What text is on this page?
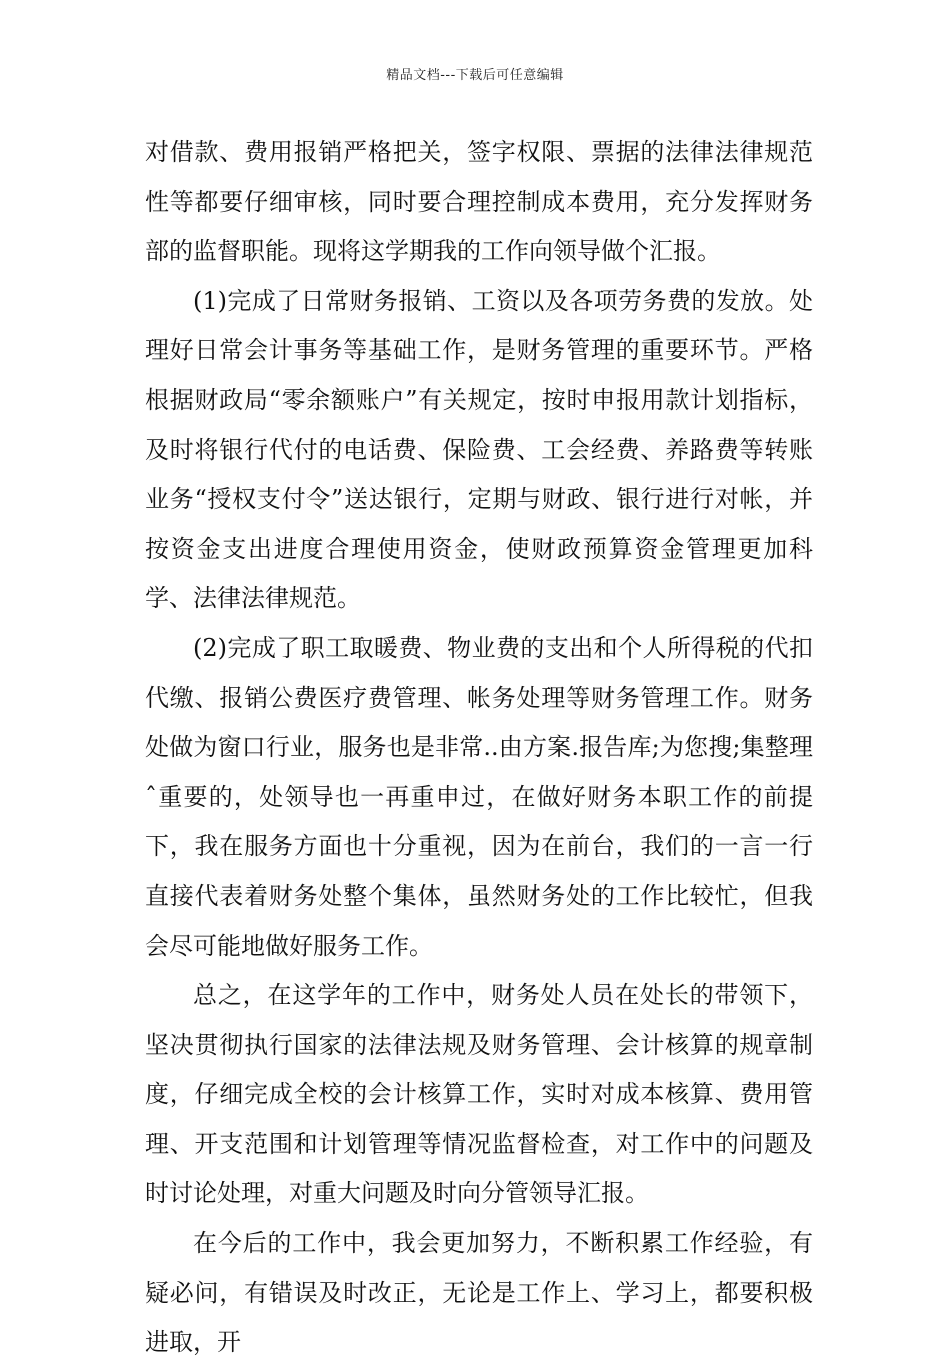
精品文档---下载后可任意编辑

对借款、费用报销严格把关，签字权限、票据的法律法律规范性等都要仔细审核，同时要合理控制成本费用，充分发挥财务部的监督职能。现将这学期我的工作向领导做个汇报。

(1)完成了日常财务报销、工资以及各项劳务费的发放。处理好日常会计事务等基础工作，是财务管理的重要环节。严格根据财政局“零余额账户”有关规定，按时申报用款计划指标，及时将银行代付的电话费、保险费、工会经费、养路费等转账业务“授权支付令”送达银行，定期与财政、银行进行对帐，并按资金支出进度合理使用资金，使财政预算资金管理更加科学、法律法律规范。

(2)完成了职工取暖费、物业费的支出和个人所得税的代扣代缴、报销公费医疗费管理、帐务处理等财务管理工作。财务处做为窗口行业，服务也是非常..由方案.报告库;为您搜;集整理ˆ重要的，处领导也一再重申过，在做好财务本职工作的前提下，我在服务方面也十分重视，因为在前台，我们的一言一行直接代表着财务处整个集体，虽然财务处的工作比较忙，但我会尽可能地做好服务工作。

总之，在这学年的工作中，财务处人员在处长的带领下，坚决贯彻执行国家的法律法规及财务管理、会计核算的规章制度，仔细完成全校的会计核算工作，实时对成本核算、费用管理、开支范围和计划管理等情况监督检查，对工作中的问题及时讨论处理，对重大问题及时向分管领导汇报。

在今后的工作中，我会更加努力，不断积累工作经验，有疑必问，有错误及时改正，无论是工作上、学习上，都要积极进取，开
